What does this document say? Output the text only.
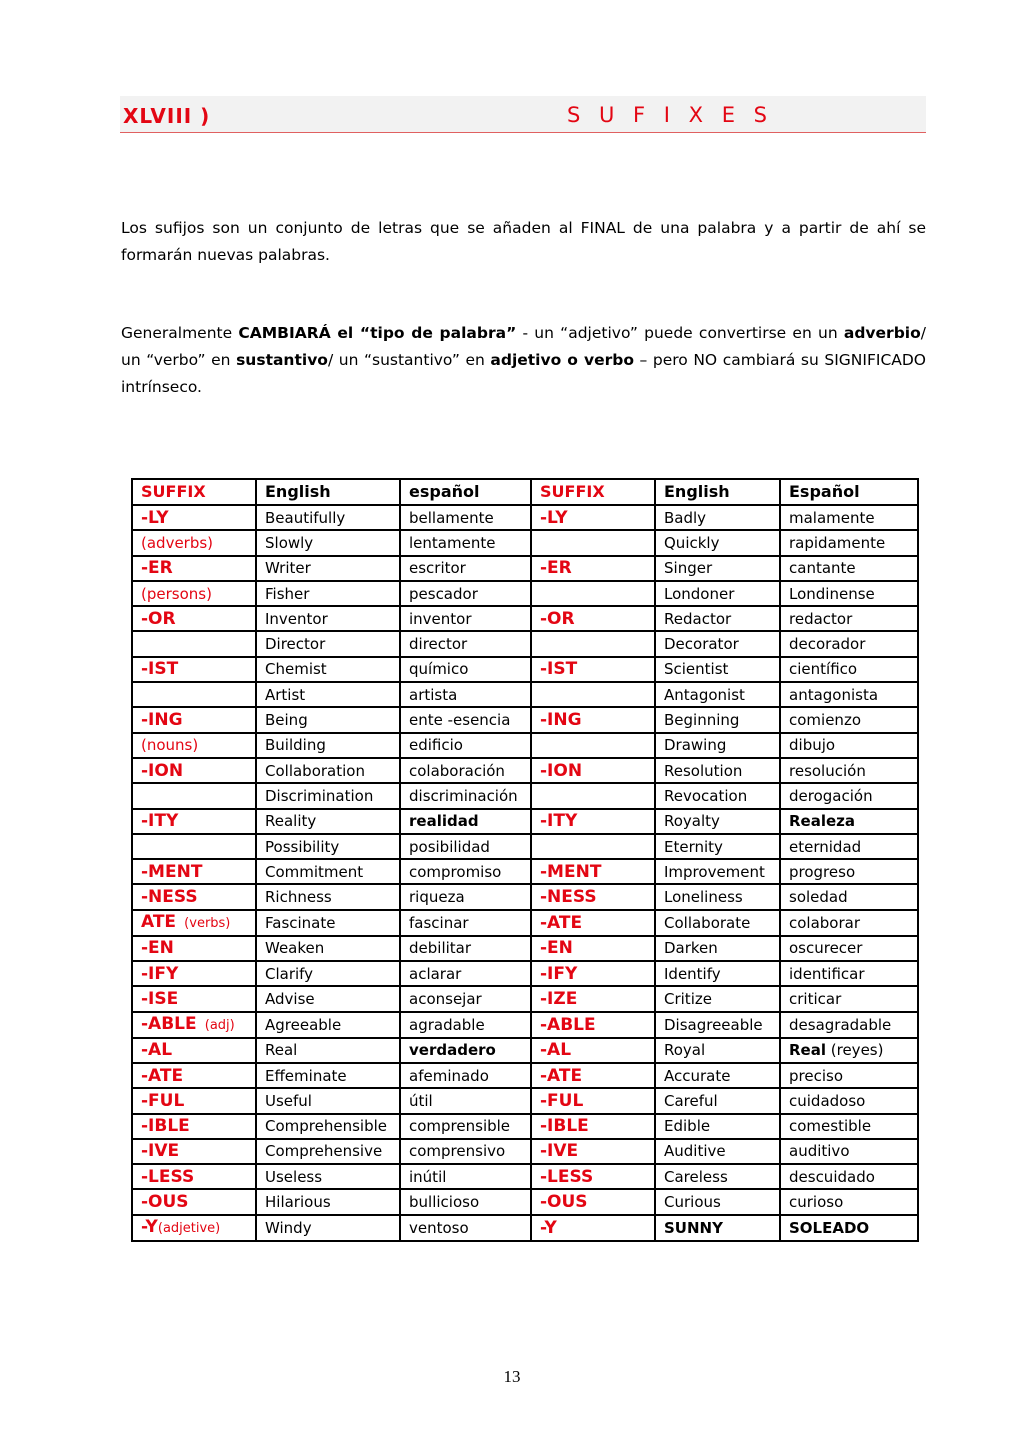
XLVIII )	S U F I X E S
Los sufijos son un conjunto de letras que se añaden al FINAL de una palabra y a partir de ahí se formarán nuevas palabras.
Generalmente CAMBIARÁ el “tipo de palabra” - un “adjetivo” puede convertirse en un adverbio/ un “verbo” en sustantivo/ un “sustantivo” en adjetivo o verbo – pero NO cambiará su SIGNIFICADO intrínseco.
SUFFIX	English	español	SUFFIX	English	Español
-LY	Beautifully	bellamente	-LY	Badly	malamente
(adverbs)	Slowly	lentamente		Quickly	rapidamente
-ER	Writer	escritor	-ER	Singer	cantante
(persons)	Fisher	pescador		Londoner	Londinense
-OR	Inventor	inventor	-OR	Redactor	redactor
	Director	director		Decorator	decorador
-IST	Chemist	químico	-IST	Scientist	científico
	Artist	artista		Antagonist	antagonista
-ING	Being	ente -esencia	-ING	Beginning	comienzo
(nouns)	Building	edificio		Drawing	dibujo
-ION	Collaboration	colaboración	-ION	Resolution	resolución
	Discrimination	discriminación		Revocation	derogación
-ITY	Reality	realidad	-ITY	Royalty	Realeza
	Possibility	posibilidad		Eternity	eternidad
-MENT	Commitment	compromiso	-MENT	Improvement	progreso
-NESS	Richness	riqueza	-NESS	Loneliness	soledad
ATE (verbs)	Fascinate	fascinar	-ATE	Collaborate	colaborar
-EN	Weaken	debilitar	-EN	Darken	oscurecer
-IFY	Clarify	aclarar	-IFY	Identify	identificar
-ISE	Advise	aconsejar	-IZE	Critize	criticar
-ABLE (adj)	Agreeable	agradable	-ABLE	Disagreeable	desagradable
-AL	Real	verdadero	-AL	Royal	Real (reyes)
-ATE	Effeminate	afeminado	-ATE	Accurate	preciso
-FUL	Useful	útil	-FUL	Careful	cuidadoso
-IBLE	Comprehensible	comprensible	-IBLE	Edible	comestible
-IVE	Comprehensive	comprensivo	-IVE	Auditive	auditivo
-LESS	Useless	inútil	-LESS	Careless	descuidado
-OUS	Hilarious	bullicioso	-OUS	Curious	curioso
-Y(adjetive)	Windy	ventoso	-Y	SUNNY	SOLEADO
13
